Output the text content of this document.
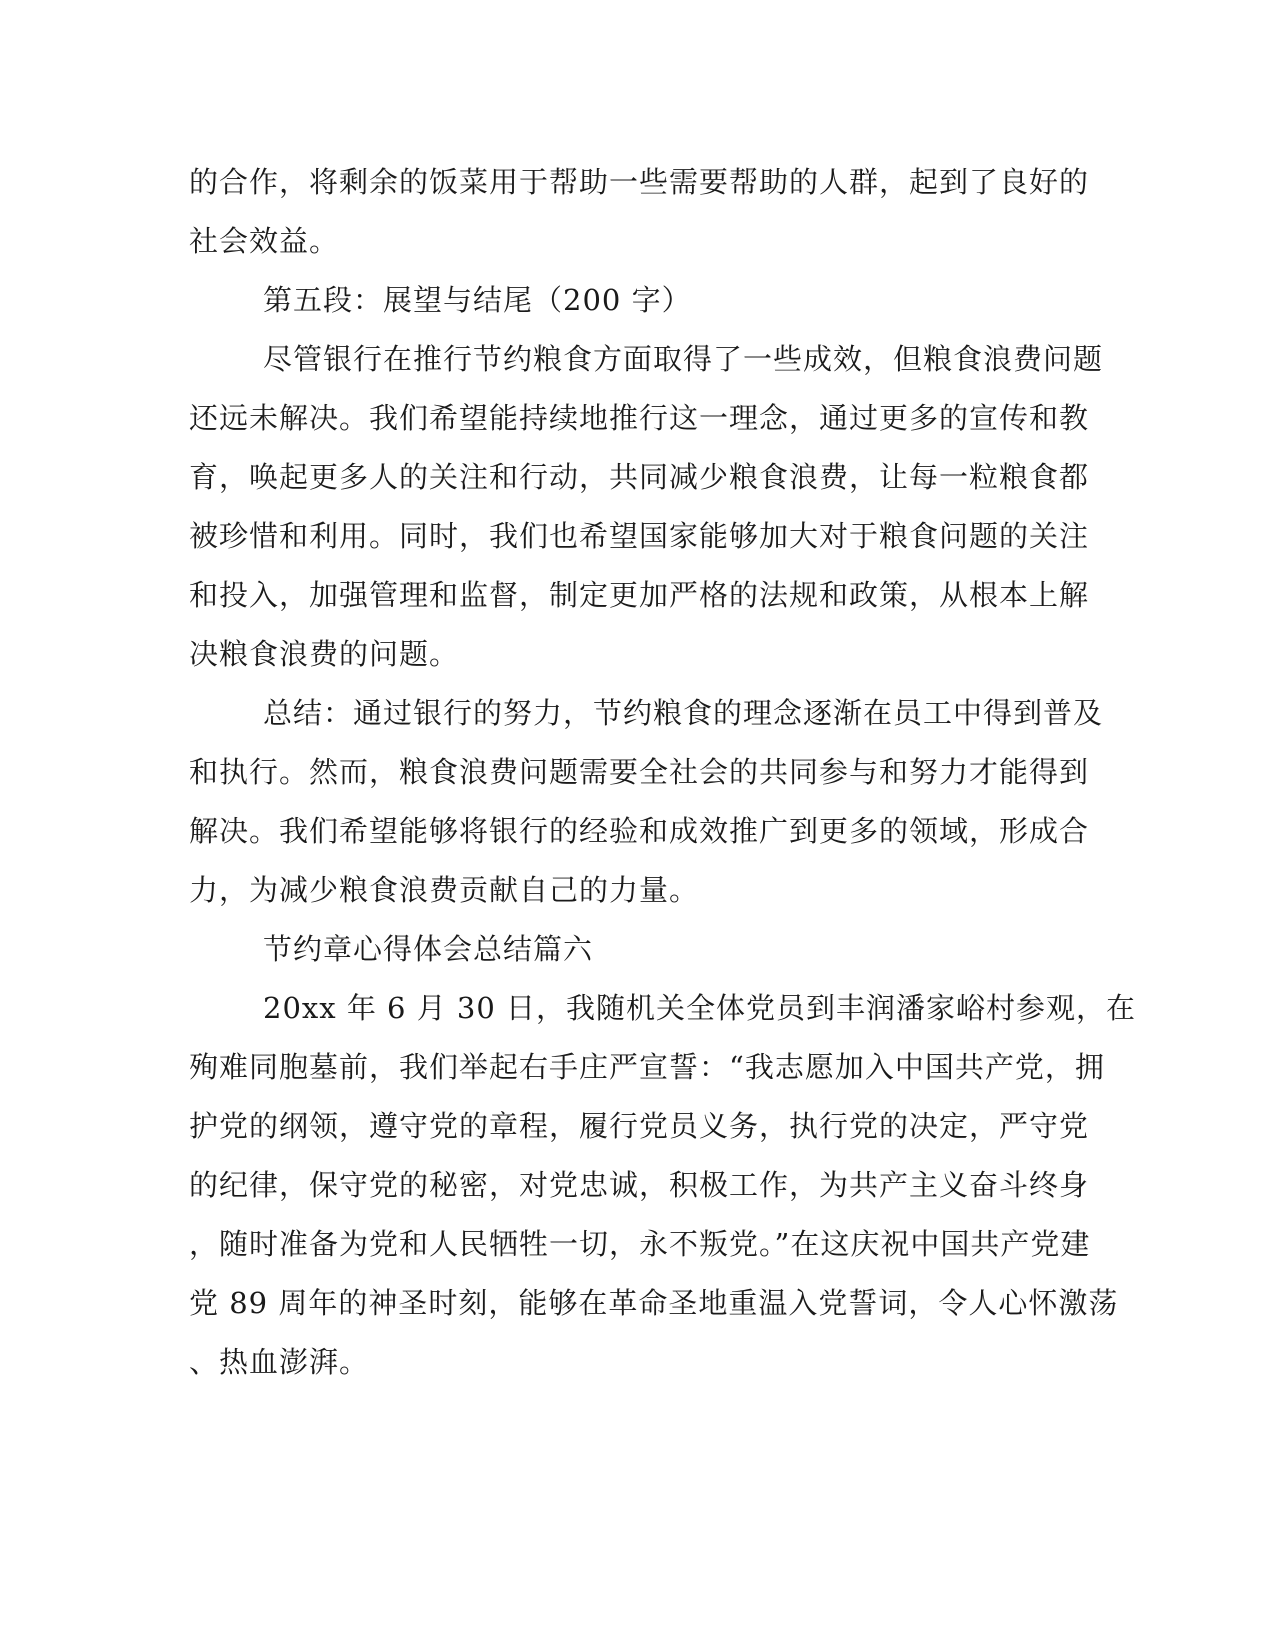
的合作，将剩余的饭菜用于帮助一些需要帮助的人群，起到了良好的

社会效益。

第五段：展望与结尾（200 字）

尽管银行在推行节约粮食方面取得了一些成效，但粮食浪费问题

还远未解决。我们希望能持续地推行这一理念，通过更多的宣传和教

育，唤起更多人的关注和行动，共同减少粮食浪费，让每一粒粮食都

被珍惜和利用。同时，我们也希望国家能够加大对于粮食问题的关注

和投入，加强管理和监督，制定更加严格的法规和政策，从根本上解

决粮食浪费的问题。

总结：通过银行的努力，节约粮食的理念逐渐在员工中得到普及

和执行。然而，粮食浪费问题需要全社会的共同参与和努力才能得到

解决。我们希望能够将银行的经验和成效推广到更多的领域，形成合

力，为减少粮食浪费贡献自己的力量。

节约章心得体会总结篇六

20xx 年 6 月 30 日，我随机关全体党员到丰润潘家峪村参观，在

殉难同胞墓前，我们举起右手庄严宣誓：“我志愿加入中国共产党，拥

护党的纲领，遵守党的章程，履行党员义务，执行党的决定，严守党

的纪律，保守党的秘密，对党忠诚，积极工作，为共产主义奋斗终身

，随时准备为党和人民牺牲一切，永不叛党。”在这庆祝中国共产党建

党 89 周年的神圣时刻，能够在革命圣地重温入党誓词，令人心怀激荡

、热血澎湃。
